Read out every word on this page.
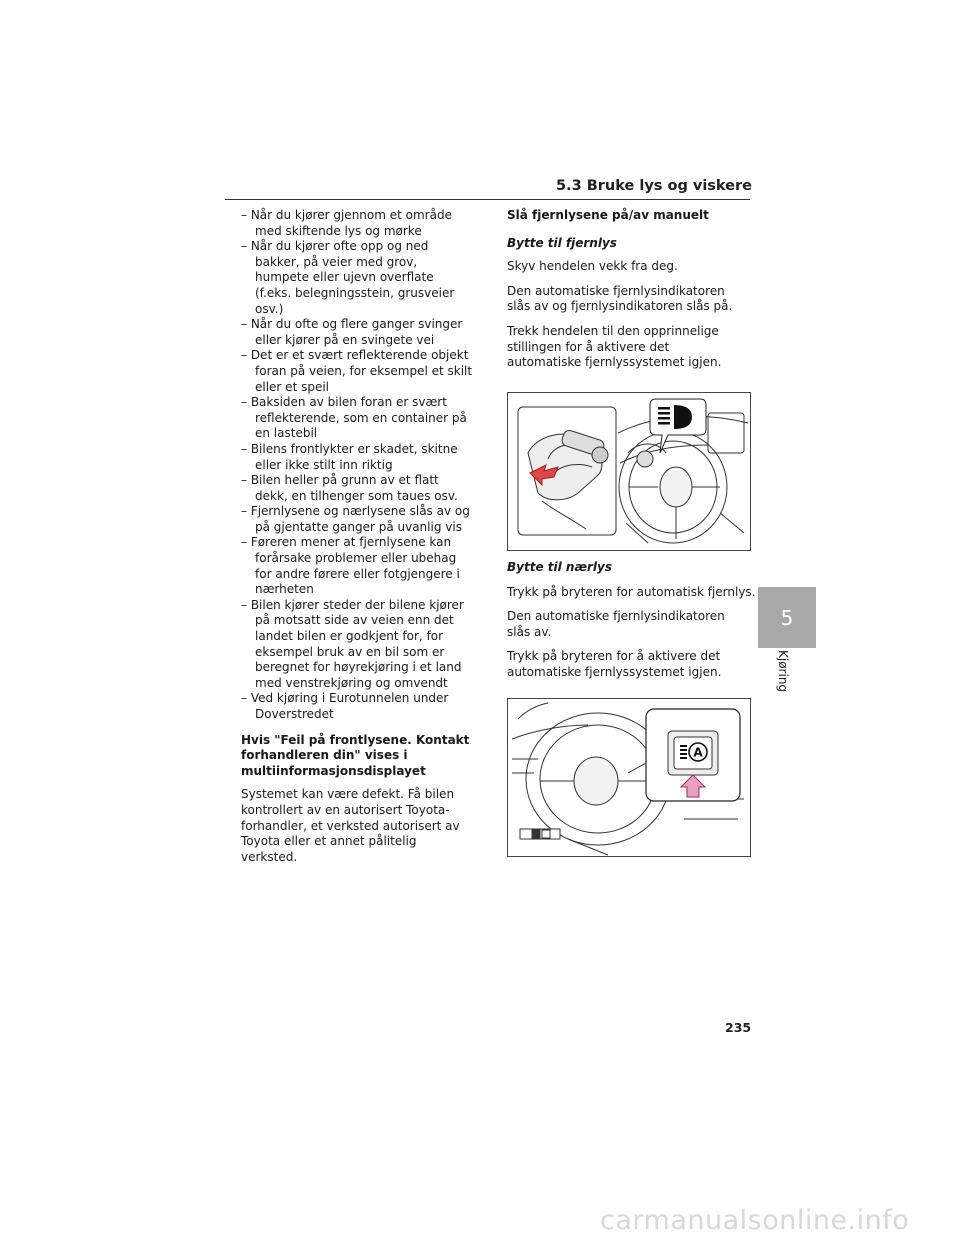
5.3 Bruke lys og viskere
– Når du kjører gjennom et område med skiftende lys og mørke
– Når du kjører ofte opp og ned bakker, på veier med grov, humpete eller ujevn overflate (f.eks. belegningsstein, grusveier osv.)
– Når du ofte og flere ganger svinger eller kjører på en svingete vei
– Det er et svært reflekterende objekt foran på veien, for eksempel et skilt eller et speil
– Baksiden av bilen foran er svært reflekterende, som en container på en lastebil
– Bilens frontlykter er skadet, skitne eller ikke stilt inn riktig
– Bilen heller på grunn av et flatt dekk, en tilhenger som taues osv.
– Fjernlysene og nærlysene slås av og på gjentatte ganger på uvanlig vis
– Føreren mener at fjernlysene kan forårsake problemer eller ubehag for andre førere eller fotgjengere i nærheten
– Bilen kjører steder der bilene kjører på motsatt side av veien enn det landet bilen er godkjent for, for eksempel bruk av en bil som er beregnet for høyrekjøring i et land med venstrekjøring og omvendt
– Ved kjøring i Eurotunnelen under Doverstredet

Hvis "Feil på frontlysene. Kontakt forhandleren din" vises i multiinformasjonsdisplayet

Systemet kan være defekt. Få bilen kontrollert av en autorisert Toyota-forhandler, et verksted autorisert av Toyota eller et annet pålitelig verksted.

Slå fjernlysene på/av manuelt

Bytte til fjernlys

Skyv hendelen vekk fra deg.

Den automatiske fjernlysindikatoren slås av og fjernlysindikatoren slås på.

Trekk hendelen til den opprinnelige stillingen for å aktivere det automatiske fjernlyssystemet igjen.

Bytte til nærlys

Trykk på bryteren for automatisk fjernlys.

Den automatiske fjernlysindikatoren slås av.

Trykk på bryteren for å aktivere det automatiske fjernlyssystemet igjen.

A
5
Kjøring
235
carmanualsonline.info
